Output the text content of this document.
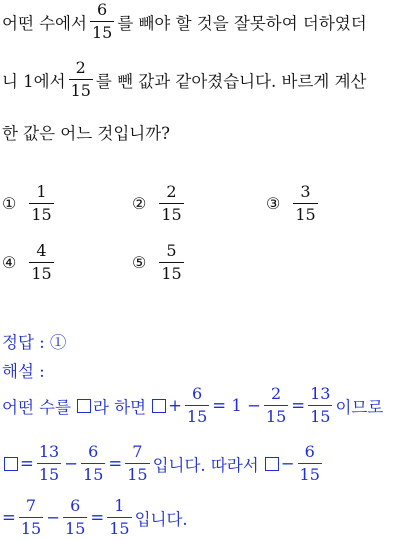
어떤 수에서 $\frac{6}{15}$ 를 빼야 할 것을 잘못하여 더하였더
니 1에서 $\frac{2}{15}$ 를 뺀 값과 같아졌습니다. 바르게 계산
한 값은 어느 것입니까?
① $\frac{1}{15}$	② $\frac{2}{15}$	③ $\frac{3}{15}$
④ $\frac{4}{15}$	⑤ $\frac{5}{15}$
정답 : ①
해설 :
어떤 수를 라 하면 + $\frac{6}{15} = 1 - \frac{2}{15} = \frac{13}{15}$ 이므로
= $\frac{13}{15} - \frac{6}{15} = \frac{7}{15}$ 입니다. 따라서 − $\frac{6}{15}$
= $\frac{7}{15} - \frac{6}{15} = \frac{1}{15}$ 입니다.
